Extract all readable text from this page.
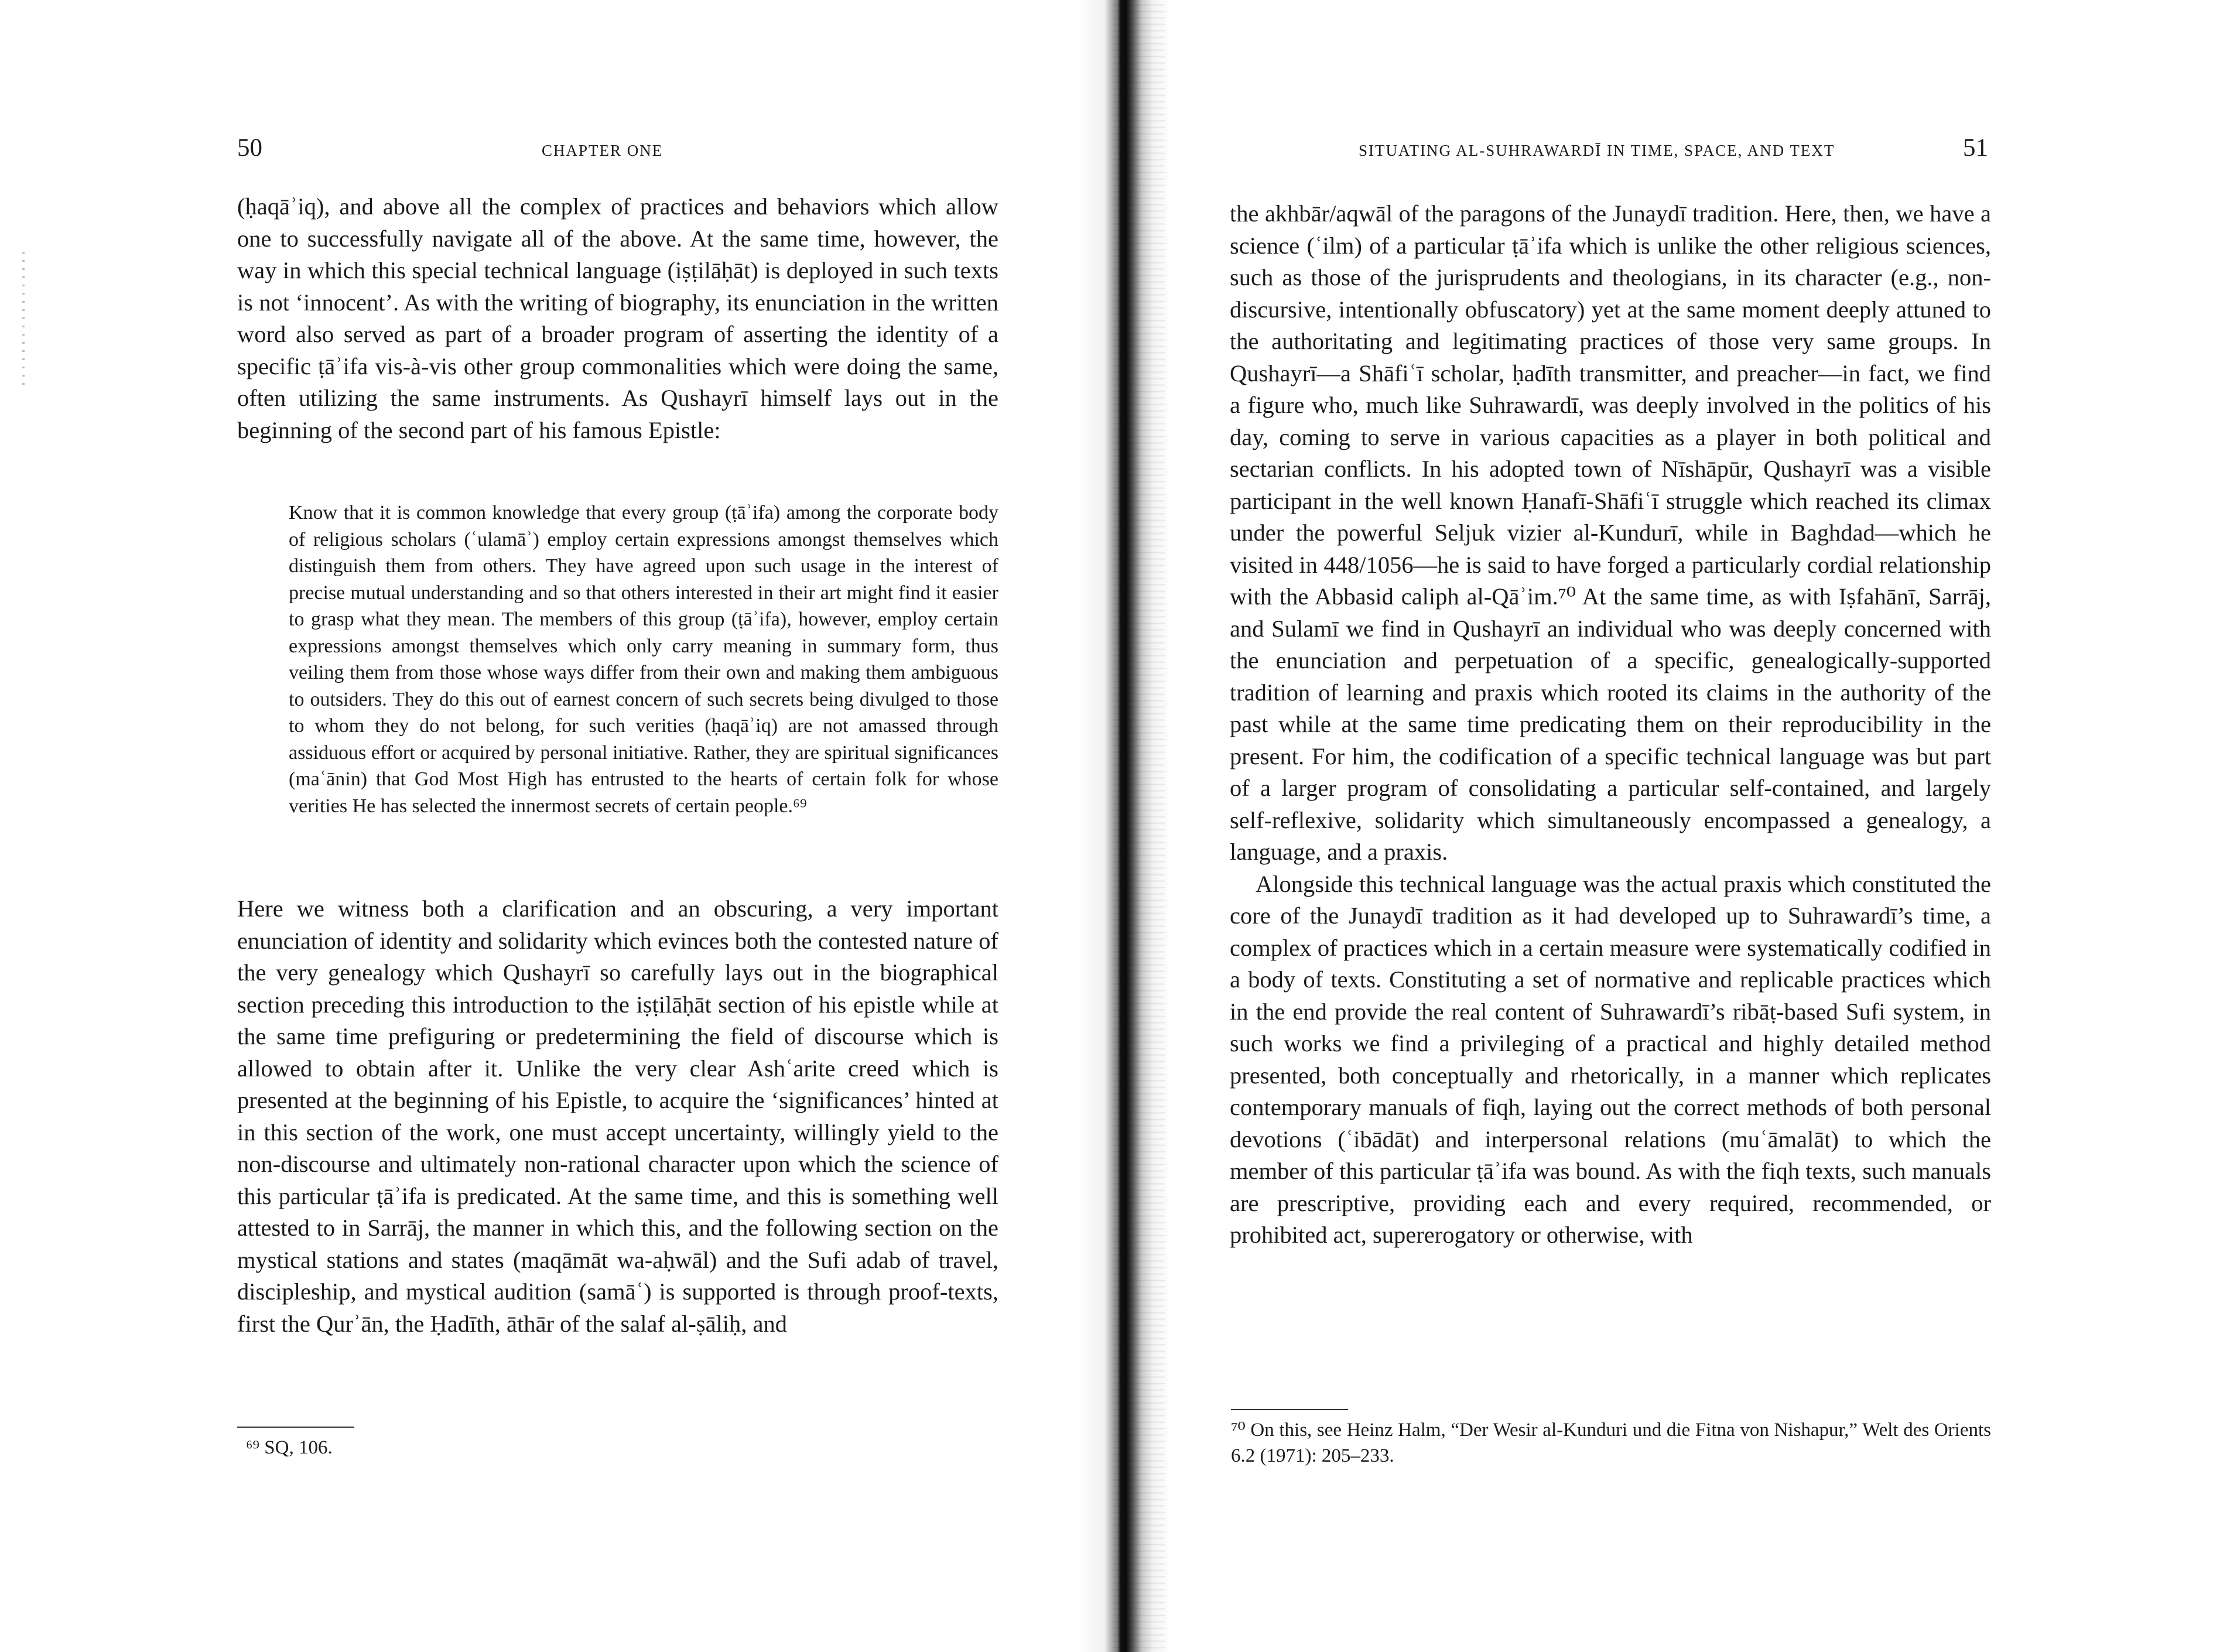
50	CHAPTER ONE

(ḥaqāʾiq), and above all the complex of practices and behaviors which allow one to successfully navigate all of the above. At the same time, however, the way in which this special technical language (iṣṭilāḥāt) is deployed in such texts is not ‘innocent’. As with the writing of biography, its enunciation in the written word also served as part of a broader program of asserting the identity of a specific ṭāʾifa vis-à-vis other group commonalities which were doing the same, often utilizing the same instruments. As Qushayrī himself lays out in the beginning of the second part of his famous Epistle:

Know that it is common knowledge that every group (ṭāʾifa) among the corporate body of religious scholars (ʿulamāʾ) employ certain expressions amongst themselves which distinguish them from others. They have agreed upon such usage in the interest of precise mutual understanding and so that others interested in their art might find it easier to grasp what they mean. The members of this group (ṭāʾifa), however, employ certain expressions amongst themselves which only carry meaning in summary form, thus veiling them from those whose ways differ from their own and making them ambiguous to outsiders. They do this out of earnest concern of such secrets being divulged to those to whom they do not belong, for such verities (ḥaqāʾiq) are not amassed through assiduous effort or acquired by personal initiative. Rather, they are spiritual significances (maʿānin) that God Most High has entrusted to the hearts of certain folk for whose verities He has selected the innermost secrets of certain people.⁶⁹

Here we witness both a clarification and an obscuring, a very important enunciation of identity and solidarity which evinces both the contested nature of the very genealogy which Qushayrī so carefully lays out in the biographical section preceding this introduction to the iṣṭilāḥāt section of his epistle while at the same time prefiguring or predetermining the field of discourse which is allowed to obtain after it. Unlike the very clear Ashʿarite creed which is presented at the beginning of his Epistle, to acquire the ‘significances’ hinted at in this section of the work, one must accept uncertainty, willingly yield to the non-discourse and ultimately non-rational character upon which the science of this particular ṭāʾifa is predicated. At the same time, and this is something well attested to in Sarrāj, the manner in which this, and the following section on the mystical stations and states (maqāmāt wa-aḥwāl) and the Sufi adab of travel, discipleship, and mystical audition (samāʿ) is supported is through proof-texts, first the Qurʾān, the Ḥadīth, āthār of the salaf al-ṣāliḥ, and

⁶⁹ SQ, 106.

SITUATING AL-SUHRAWARDĪ IN TIME, SPACE, AND TEXT	51

the akhbār/aqwāl of the paragons of the Junaydī tradition. Here, then, we have a science (ʿilm) of a particular ṭāʾifa which is unlike the other religious sciences, such as those of the jurisprudents and theologians, in its character (e.g., non-discursive, intentionally obfuscatory) yet at the same moment deeply attuned to the authoritating and legitimating practices of those very same groups. In Qushayrī—a Shāfiʿī scholar, ḥadīth transmitter, and preacher—in fact, we find a figure who, much like Suhrawardī, was deeply involved in the politics of his day, coming to serve in various capacities as a player in both political and sectarian conflicts. In his adopted town of Nīshāpūr, Qushayrī was a visible participant in the well known Ḥanafī-Shāfiʿī struggle which reached its climax under the powerful Seljuk vizier al-Kundurī, while in Baghdad—which he visited in 448/1056—he is said to have forged a particularly cordial relationship with the Abbasid caliph al-Qāʾim.⁷⁰ At the same time, as with Iṣfahānī, Sarrāj, and Sulamī we find in Qushayrī an individual who was deeply concerned with the enunciation and perpetuation of a specific, genealogically-supported tradition of learning and praxis which rooted its claims in the authority of the past while at the same time predicating them on their reproducibility in the present. For him, the codification of a specific technical language was but part of a larger program of consolidating a particular self-contained, and largely self-reflexive, solidarity which simultaneously encompassed a genealogy, a language, and a praxis.

Alongside this technical language was the actual praxis which constituted the core of the Junaydī tradition as it had developed up to Suhrawardī’s time, a complex of practices which in a certain measure were systematically codified in a body of texts. Constituting a set of normative and replicable practices which in the end provide the real content of Suhrawardī’s ribāṭ-based Sufi system, in such works we find a privileging of a practical and highly detailed method presented, both conceptually and rhetorically, in a manner which replicates contemporary manuals of fiqh, laying out the correct methods of both personal devotions (ʿibādāt) and interpersonal relations (muʿāmalāt) to which the member of this particular ṭāʾifa was bound. As with the fiqh texts, such manuals are prescriptive, providing each and every required, recommended, or prohibited act, supererogatory or otherwise, with

⁷⁰ On this, see Heinz Halm, “Der Wesir al-Kunduri und die Fitna von Nishapur,” Welt des Orients 6.2 (1971): 205–233.
